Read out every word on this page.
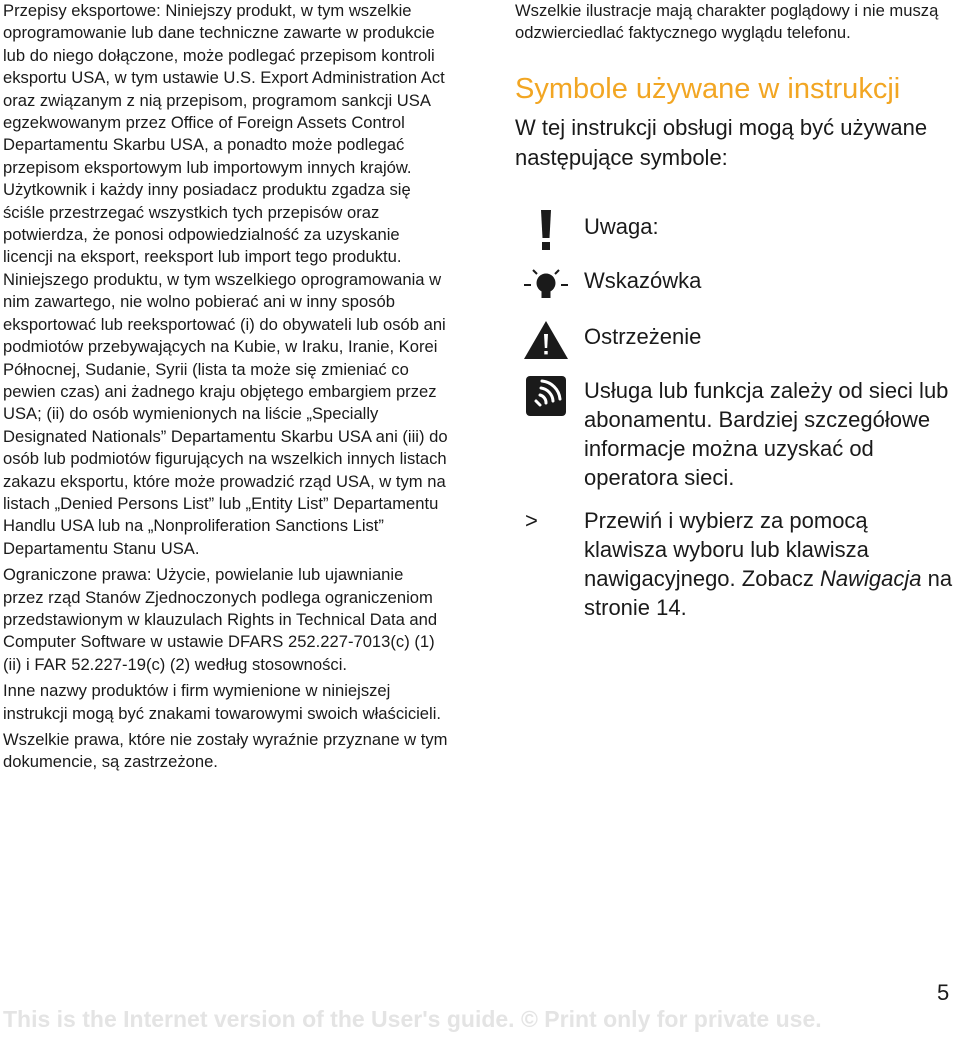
Przepisy eksportowe: Niniejszy produkt, w tym wszelkie oprogramowanie lub dane techniczne zawarte w produkcie lub do niego dołączone, może podlegać przepisom kontroli eksportu USA, w tym ustawie U.S. Export Administration Act oraz związanym z nią przepisom, programom sankcji USA egzekwowanym przez Office of Foreign Assets Control Departamentu Skarbu USA, a ponadto może podlegać przepisom eksportowym lub importowym innych krajów. Użytkownik i każdy inny posiadacz produktu zgadza się ściśle przestrzegać wszystkich tych przepisów oraz potwierdza, że ponosi odpowiedzialność za uzyskanie licencji na eksport, reeksport lub import tego produktu. Niniejszego produktu, w tym wszelkiego oprogramowania w nim zawartego, nie wolno pobierać ani w inny sposób eksportować lub reeksportować (i) do obywateli lub osób ani podmiotów przebywających na Kubie, w Iraku, Iranie, Korei Północnej, Sudanie, Syrii (lista ta może się zmieniać co pewien czas) ani żadnego kraju objętego embargiem przez USA; (ii) do osób wymienionych na liście „Specially Designated Nationals” Departamentu Skarbu USA ani (iii) do osób lub podmiotów figurujących na wszelkich innych listach zakazu eksportu, które może prowadzić rząd USA, w tym na listach „Denied Persons List” lub „Entity List” Departamentu Handlu USA lub na „Nonproliferation Sanctions List” Departamentu Stanu USA.

Ograniczone prawa: Użycie, powielanie lub ujawnianie przez rząd Stanów Zjednoczonych podlega ograniczeniom przedstawionym w klauzulach Rights in Technical Data and Computer Software w ustawie DFARS 252.227-7013(c) (1) (ii) i FAR 52.227-19(c) (2) według stosowności.

Inne nazwy produktów i firm wymienione w niniejszej instrukcji mogą być znakami towarowymi swoich właścicieli.

Wszelkie prawa, które nie zostały wyraźnie przyznane w tym dokumencie, są zastrzeżone.

Wszelkie ilustracje mają charakter poglądowy i nie muszą odzwierciedlać faktycznego wyglądu telefonu.

Symbole używane w instrukcji

W tej instrukcji obsługi mogą być używane następujące symbole:

Uwaga:
Wskazówka
Ostrzeżenie
Usługa lub funkcja zależy od sieci lub abonamentu. Bardziej szczegółowe informacje można uzyskać od operatora sieci.
>	Przewiń i wybierz za pomocą klawisza wyboru lub klawisza nawigacyjnego. Zobacz Nawigacja na stronie 14.
5
This is the Internet version of the User's guide. © Print only for private use.
